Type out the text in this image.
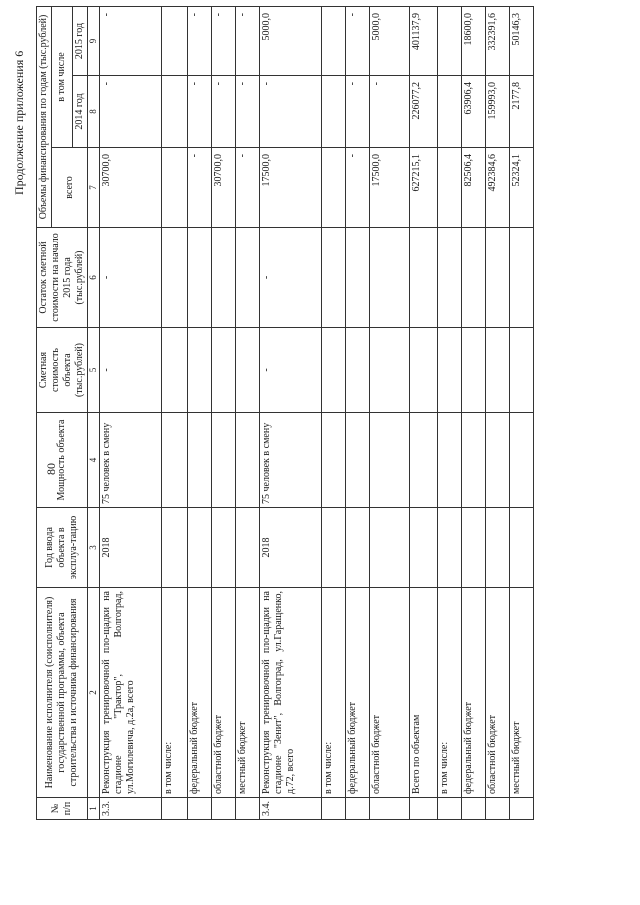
80
Продолжение приложения 6
№ п/п	Наименование исполнителя (соисполнителя) государственной программы, объекта строительства и источника финансирования	Год ввода объекта в эксплуа-тацию	Мощность объекта	Сметная стоимость объекта (тыс.рублей)	Остаток сметной стоимости на начало 2015 года (тыс.рублей)	Объемы финансирования по годам (тыс.рублей)		
						всего	в том числе	
							2014 год	2015 год
1	2	3	4	5	6	7	8	9
3.3.	Реконструкция тренировочной пло-щадки на стадионе "Трактор", Волгоград, ул.Могилевича, д.2а, всего	2018	75 человек в смену	-	-	30700,0	-	-
	в том числе:							
	федеральный бюджет					-	-	-
	областной бюджет					30700,0	-	-
	местный бюджет					-	-	-
3.4.	Реконструкция тренировочной пло-щадки на стадионе "Зенит", Волгоград, ул.Гаращенко, д.72, всего	2018	75 человек в смену	-	-	17500,0	-	5000,0
	в том числе:							
	федеральный бюджет					-	-	-
	областной бюджет					17500,0	-	5000,0
	Всего по объектам					627215,1	226077,2	401137,9
	в том числе:							
	федеральный бюджет					82506,4	63906,4	18600,0
	областной бюджет					492384,6	159993,0	332391,6
	местный бюджет					52324,1	2177,8	50146,3
